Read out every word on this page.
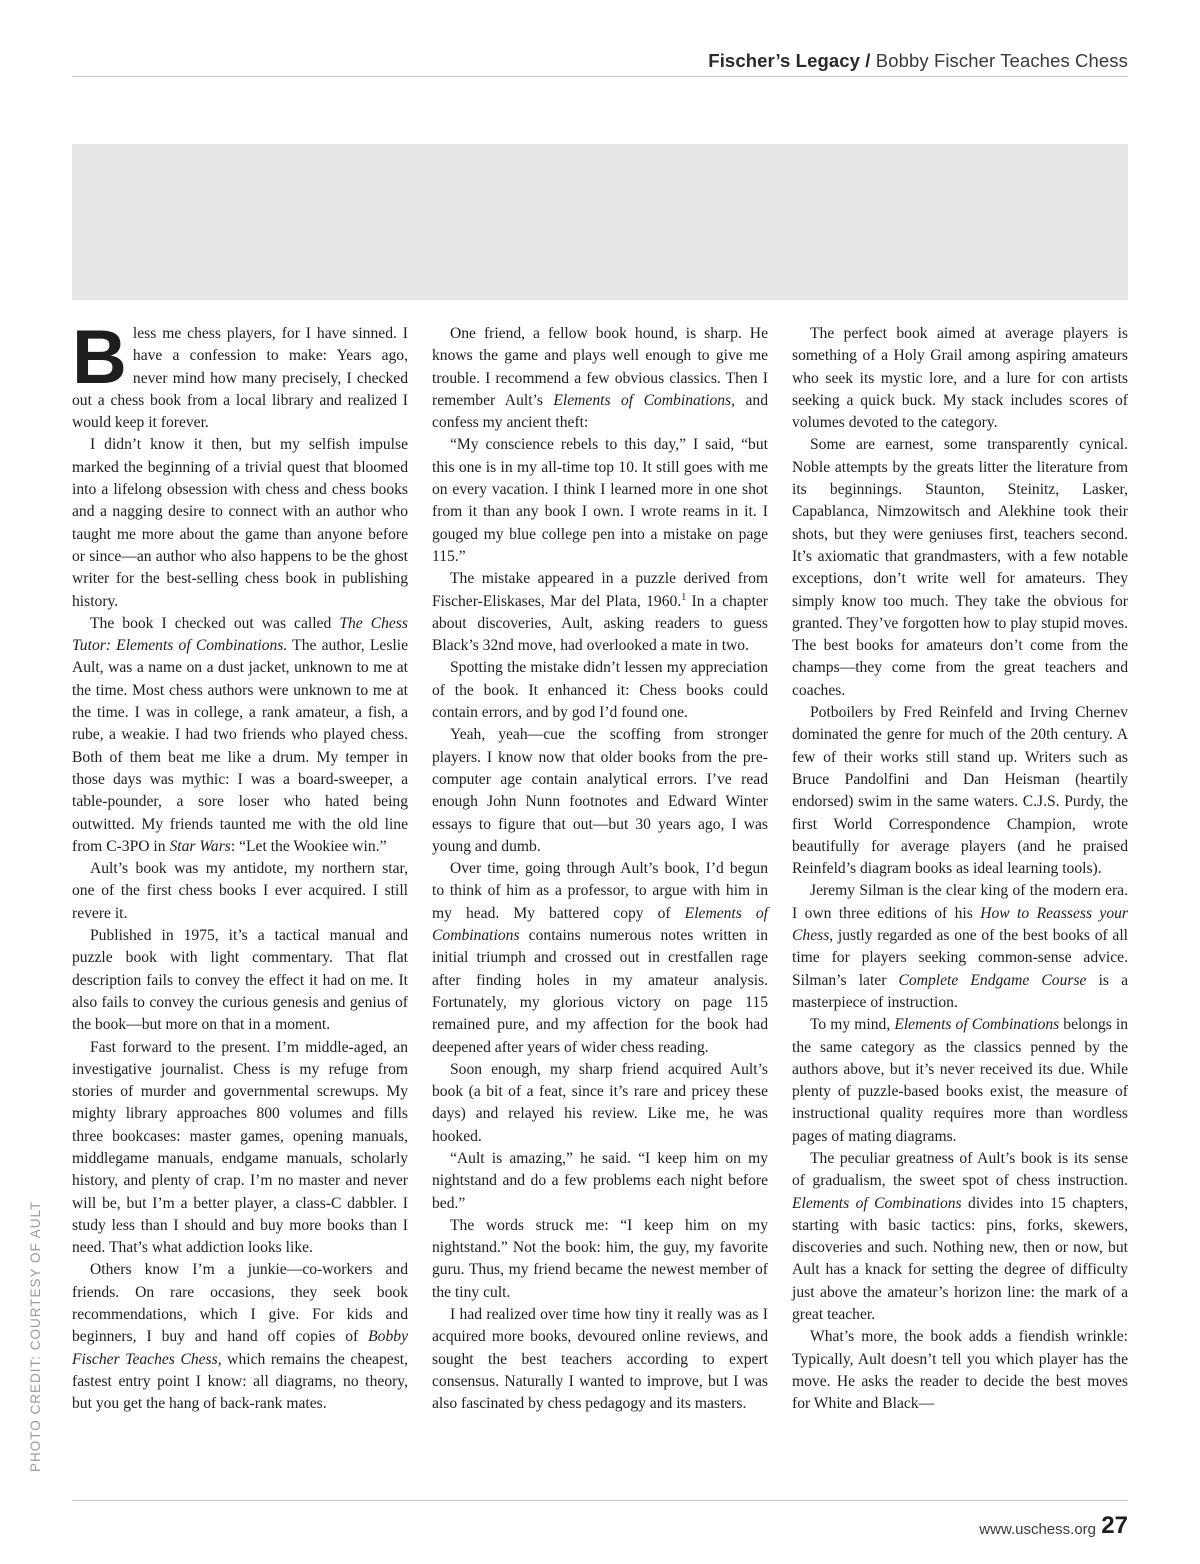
Fischer’s Legacy / Bobby Fischer Teaches Chess
PHOTO CREDIT: COURTESY OF AULT

Bless me chess players, for I have sinned. I have a confession to make: Years ago, never mind how many precisely, I checked out a chess book from a local library and realized I would keep it forever.

I didn’t know it then, but my selfish impulse marked the beginning of a trivial quest that bloomed into a lifelong obsession with chess and chess books and a nagging desire to connect with an author who taught me more about the game than anyone before or since—an author who also happens to be the ghost writer for the best-selling chess book in publishing history.

The book I checked out was called The Chess Tutor: Elements of Combinations. The author, Leslie Ault, was a name on a dust jacket, unknown to me at the time. Most chess authors were unknown to me at the time. I was in college, a rank amateur, a fish, a rube, a weakie. I had two friends who played chess. Both of them beat me like a drum. My temper in those days was mythic: I was a board-sweeper, a table-pounder, a sore loser who hated being outwitted. My friends taunted me with the old line from C-3PO in Star Wars: “Let the Wookiee win.”

Ault’s book was my antidote, my northern star, one of the first chess books I ever acquired. I still revere it.

Published in 1975, it’s a tactical manual and puzzle book with light commentary. That flat description fails to convey the effect it had on me. It also fails to convey the curious genesis and genius of the book—but more on that in a moment.

Fast forward to the present. I’m middle-aged, an investigative journalist. Chess is my refuge from stories of murder and governmental screwups. My mighty library approaches 800 volumes and fills three bookcases: master games, opening manuals, middlegame manuals, endgame manuals, scholarly history, and plenty of crap. I’m no master and never will be, but I’m a better player, a class-C dabbler. I study less than I should and buy more books than I need. That’s what addiction looks like.

Others know I’m a junkie—co-workers and friends. On rare occasions, they seek book recommendations, which I give. For kids and beginners, I buy and hand off copies of Bobby Fischer Teaches Chess, which remains the cheapest, fastest entry point I know: all diagrams, no theory, but you get the hang of back-rank mates.

One friend, a fellow book hound, is sharp. He knows the game and plays well enough to give me trouble. I recommend a few obvious classics. Then I remember Ault’s Elements of Combinations, and confess my ancient theft:

“My conscience rebels to this day,” I said, “but this one is in my all-time top 10. It still goes with me on every vacation. I think I learned more in one shot from it than any book I own. I wrote reams in it. I gouged my blue college pen into a mistake on page 115.”

The mistake appeared in a puzzle derived from Fischer-Eliskases, Mar del Plata, 1960.$^1$ In a chapter about discoveries, Ault, asking readers to guess Black’s 32nd move, had overlooked a mate in two.

Spotting the mistake didn’t lessen my appreciation of the book. It enhanced it: Chess books could contain errors, and by god I’d found one.

Yeah, yeah—cue the scoffing from stronger players. I know now that older books from the pre-computer age contain analytical errors. I’ve read enough John Nunn footnotes and Edward Winter essays to figure that out—but 30 years ago, I was young and dumb.

Over time, going through Ault’s book, I’d begun to think of him as a professor, to argue with him in my head. My battered copy of Elements of Combinations contains numerous notes written in initial triumph and crossed out in crestfallen rage after finding holes in my amateur analysis. Fortunately, my glorious victory on page 115 remained pure, and my affection for the book had deepened after years of wider chess reading.

Soon enough, my sharp friend acquired Ault’s book (a bit of a feat, since it’s rare and pricey these days) and relayed his review. Like me, he was hooked.

“Ault is amazing,” he said. “I keep him on my nightstand and do a few problems each night before bed.”

The words struck me: “I keep him on my nightstand.” Not the book: him, the guy, my favorite guru. Thus, my friend became the newest member of the tiny cult.

I had realized over time how tiny it really was as I acquired more books, devoured online reviews, and sought the best teachers according to expert consensus. Naturally I wanted to improve, but I was also fascinated by chess pedagogy and its masters.

The perfect book aimed at average players is something of a Holy Grail among aspiring amateurs who seek its mystic lore, and a lure for con artists seeking a quick buck. My stack includes scores of volumes devoted to the category.

Some are earnest, some transparently cynical. Noble attempts by the greats litter the literature from its beginnings. Staunton, Steinitz, Lasker, Capablanca, Nimzowitsch and Alekhine took their shots, but they were geniuses first, teachers second. It’s axiomatic that grandmasters, with a few notable exceptions, don’t write well for amateurs. They simply know too much. They take the obvious for granted. They’ve forgotten how to play stupid moves. The best books for amateurs don’t come from the champs—they come from the great teachers and coaches.

Potboilers by Fred Reinfeld and Irving Chernev dominated the genre for much of the 20th century. A few of their works still stand up. Writers such as Bruce Pandolfini and Dan Heisman (heartily endorsed) swim in the same waters. C.J.S. Purdy, the first World Correspondence Champion, wrote beautifully for average players (and he praised Reinfeld’s diagram books as ideal learning tools).

Jeremy Silman is the clear king of the modern era. I own three editions of his How to Reassess your Chess, justly regarded as one of the best books of all time for players seeking common-sense advice. Silman’s later Complete Endgame Course is a masterpiece of instruction.

To my mind, Elements of Combinations belongs in the same category as the classics penned by the authors above, but it’s never received its due. While plenty of puzzle-based books exist, the measure of instructional quality requires more than wordless pages of mating diagrams.

The peculiar greatness of Ault’s book is its sense of gradualism, the sweet spot of chess instruction. Elements of Combinations divides into 15 chapters, starting with basic tactics: pins, forks, skewers, discoveries and such. Nothing new, then or now, but Ault has a knack for setting the degree of difficulty just above the amateur’s horizon line: the mark of a great teacher.

What’s more, the book adds a fiendish wrinkle: Typically, Ault doesn’t tell you which player has the move. He asks the reader to decide the best moves for White and Black—

www.uschess.org 27
